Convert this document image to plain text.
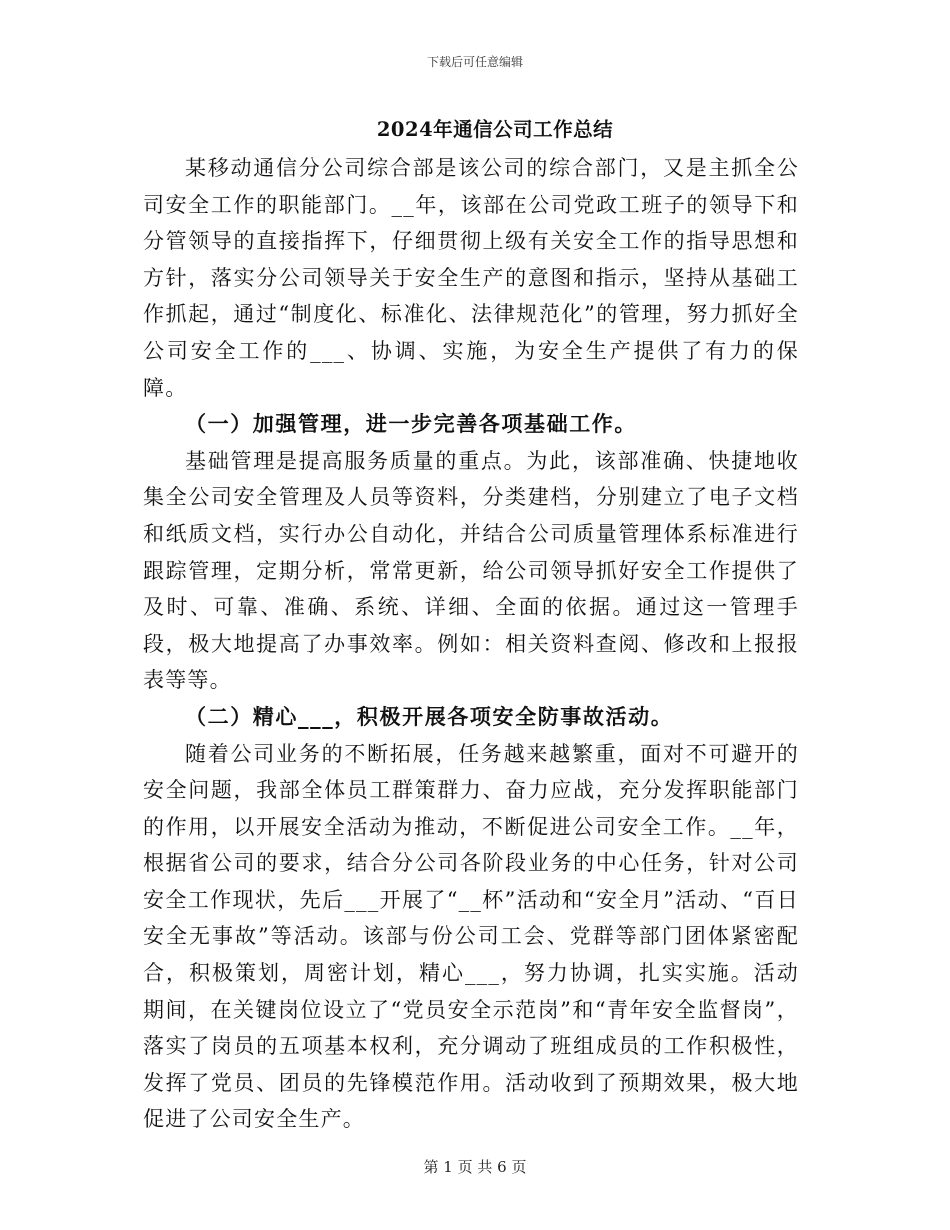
下载后可任意编辑
2024年通信公司工作总结

某移动通信分公司综合部是该公司的综合部门，又是主抓全公司安全工作的职能部门。__年，该部在公司党政工班子的领导下和分管领导的直接指挥下，仔细贯彻上级有关安全工作的指导思想和方针，落实分公司领导关于安全生产的意图和指示，坚持从基础工作抓起，通过“制度化、标准化、法律规范化”的管理，努力抓好全公司安全工作的___、协调、实施，为安全生产提供了有力的保障。

（一）加强管理，进一步完善各项基础工作。

基础管理是提高服务质量的重点。为此，该部准确、快捷地收集全公司安全管理及人员等资料，分类建档，分别建立了电子文档和纸质文档，实行办公自动化，并结合公司质量管理体系标准进行跟踪管理，定期分析，常常更新，给公司领导抓好安全工作提供了及时、可靠、准确、系统、详细、全面的依据。通过这一管理手段，极大地提高了办事效率。例如：相关资料查阅、修改和上报报表等等。

（二）精心___，积极开展各项安全防事故活动。

随着公司业务的不断拓展，任务越来越繁重，面对不可避开的安全问题，我部全体员工群策群力、奋力应战，充分发挥职能部门的作用，以开展安全活动为推动，不断促进公司安全工作。__年，根据省公司的要求，结合分公司各阶段业务的中心任务，针对公司安全工作现状，先后___开展了“__杯”活动和“安全月”活动、“百日安全无事故”等活动。该部与份公司工会、党群等部门团体紧密配合，积极策划，周密计划，精心___，努力协调，扎实实施。活动期间，在关键岗位设立了“党员安全示范岗”和“青年安全监督岗”，落实了岗员的五项基本权利，充分调动了班组成员的工作积极性，发挥了党员、团员的先锋模范作用。活动收到了预期效果，极大地促进了公司安全生产。

第 1 页 共 6 页
